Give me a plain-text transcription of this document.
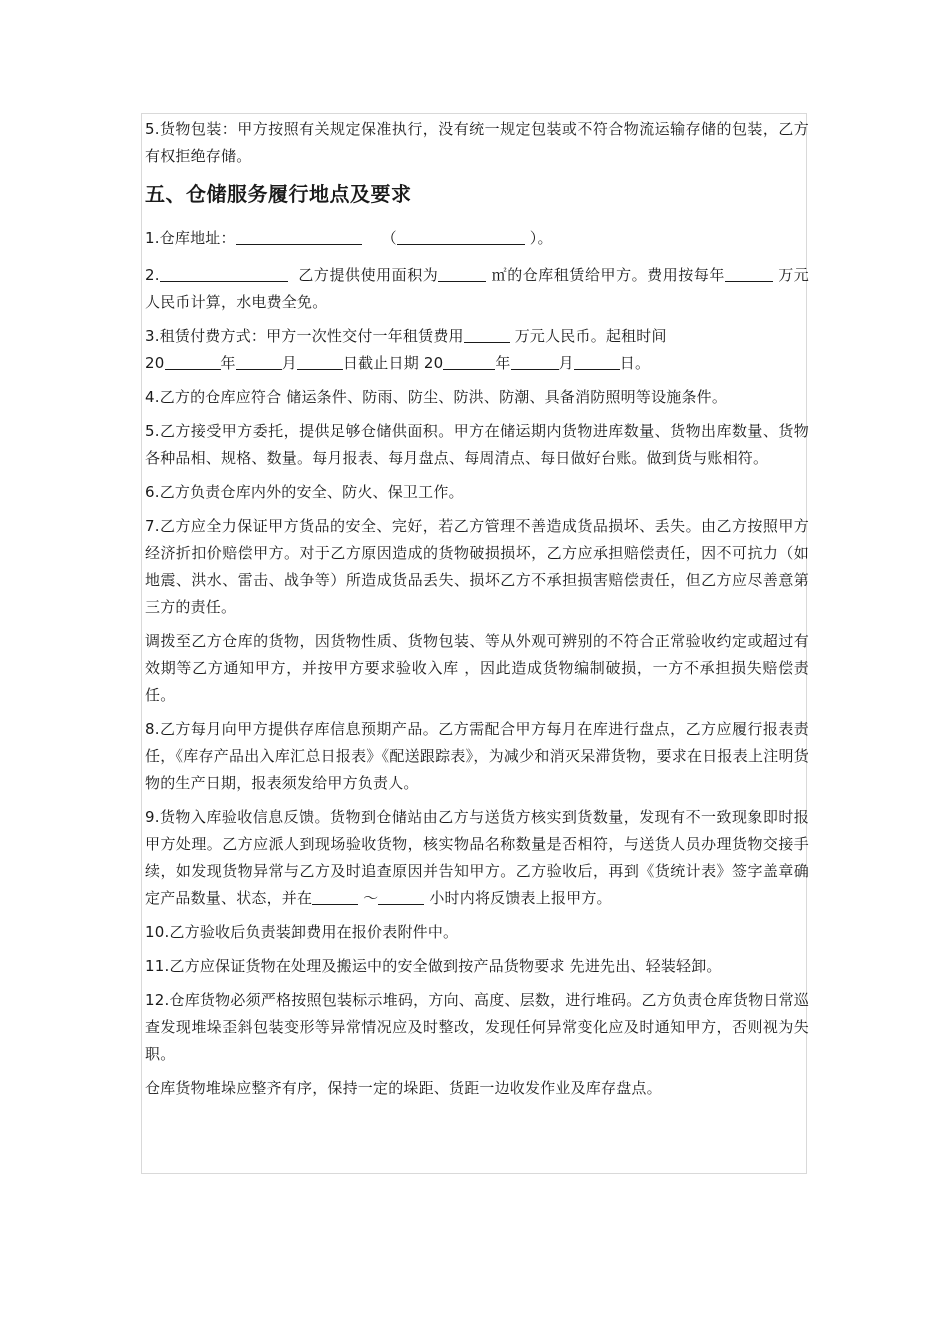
5.货物包装：甲方按照有关规定保准执行，没有统一规定包装或不符合物流运输存储的包装，乙方有权拒绝存储。

五、仓储服务履行地点及要求

1.仓库地址：	（	）。

2.	乙方提供使用面积为	㎡的仓库租赁给甲方。费用按每年	万元人民币计算，水电费全免。

3.租赁付费方式：甲方一次性交付一年租赁费用	万元人民币。起租时间
20	年	月	日截止日期 20	年	月	日。

4.乙方的仓库应符合 储运条件、防雨、防尘、防洪、防潮、具备消防照明等设施条件。

5.乙方接受甲方委托，提供足够仓储供面积。甲方在储运期内货物进库数量、货物出库数量、货物各种品相、规格、数量。每月报表、每月盘点、每周清点、每日做好台账。做到货与账相符。

6.乙方负责仓库内外的安全、防火、保卫工作。

7.乙方应全力保证甲方货品的安全、完好，若乙方管理不善造成货品损坏、丢失。由乙方按照甲方经济折扣价赔偿甲方。对于乙方原因造成的货物破损损坏，乙方应承担赔偿责任，因不可抗力（如地震、洪水、雷击、战争等）所造成货品丢失、损坏乙方不承担损害赔偿责任，但乙方应尽善意第三方的责任。

调拨至乙方仓库的货物，因货物性质、货物包装、等从外观可辨别的不符合正常验收约定或超过有效期等乙方通知甲方，并按甲方要求验收入库 ，因此造成货物编制破损，一方不承担损失赔偿责任。

8.乙方每月向甲方提供存库信息预期产品。乙方需配合甲方每月在库进行盘点，乙方应履行报表责任，《库存产品出入库汇总日报表》《配送跟踪表》，为减少和消灭呆滞货物，要求在日报表上注明货物的生产日期，报表须发给甲方负责人。

9.货物入库验收信息反馈。货物到仓储站由乙方与送货方核实到货数量，发现有不一致现象即时报甲方处理。乙方应派人到现场验收货物，核实物品名称数量是否相符，与送货人员办理货物交接手续，如发现货物异常与乙方及时追查原因并告知甲方。乙方验收后，再到《货统计表》签字盖章确定产品数量、状态，并在	～	小时内将反馈表上报甲方。

10.乙方验收后负责装卸费用在报价表附件中。

11.乙方应保证货物在处理及搬运中的安全做到按产品货物要求 先进先出、轻装轻卸。

12.仓库货物必须严格按照包装标示堆码，方向、高度、层数，进行堆码。乙方负责仓库货物日常巡查发现堆垛歪斜包装变形等异常情况应及时整改，发现任何异常变化应及时通知甲方，否则视为失职。

仓库货物堆垛应整齐有序，保持一定的垛距、货距一边收发作业及库存盘点。
